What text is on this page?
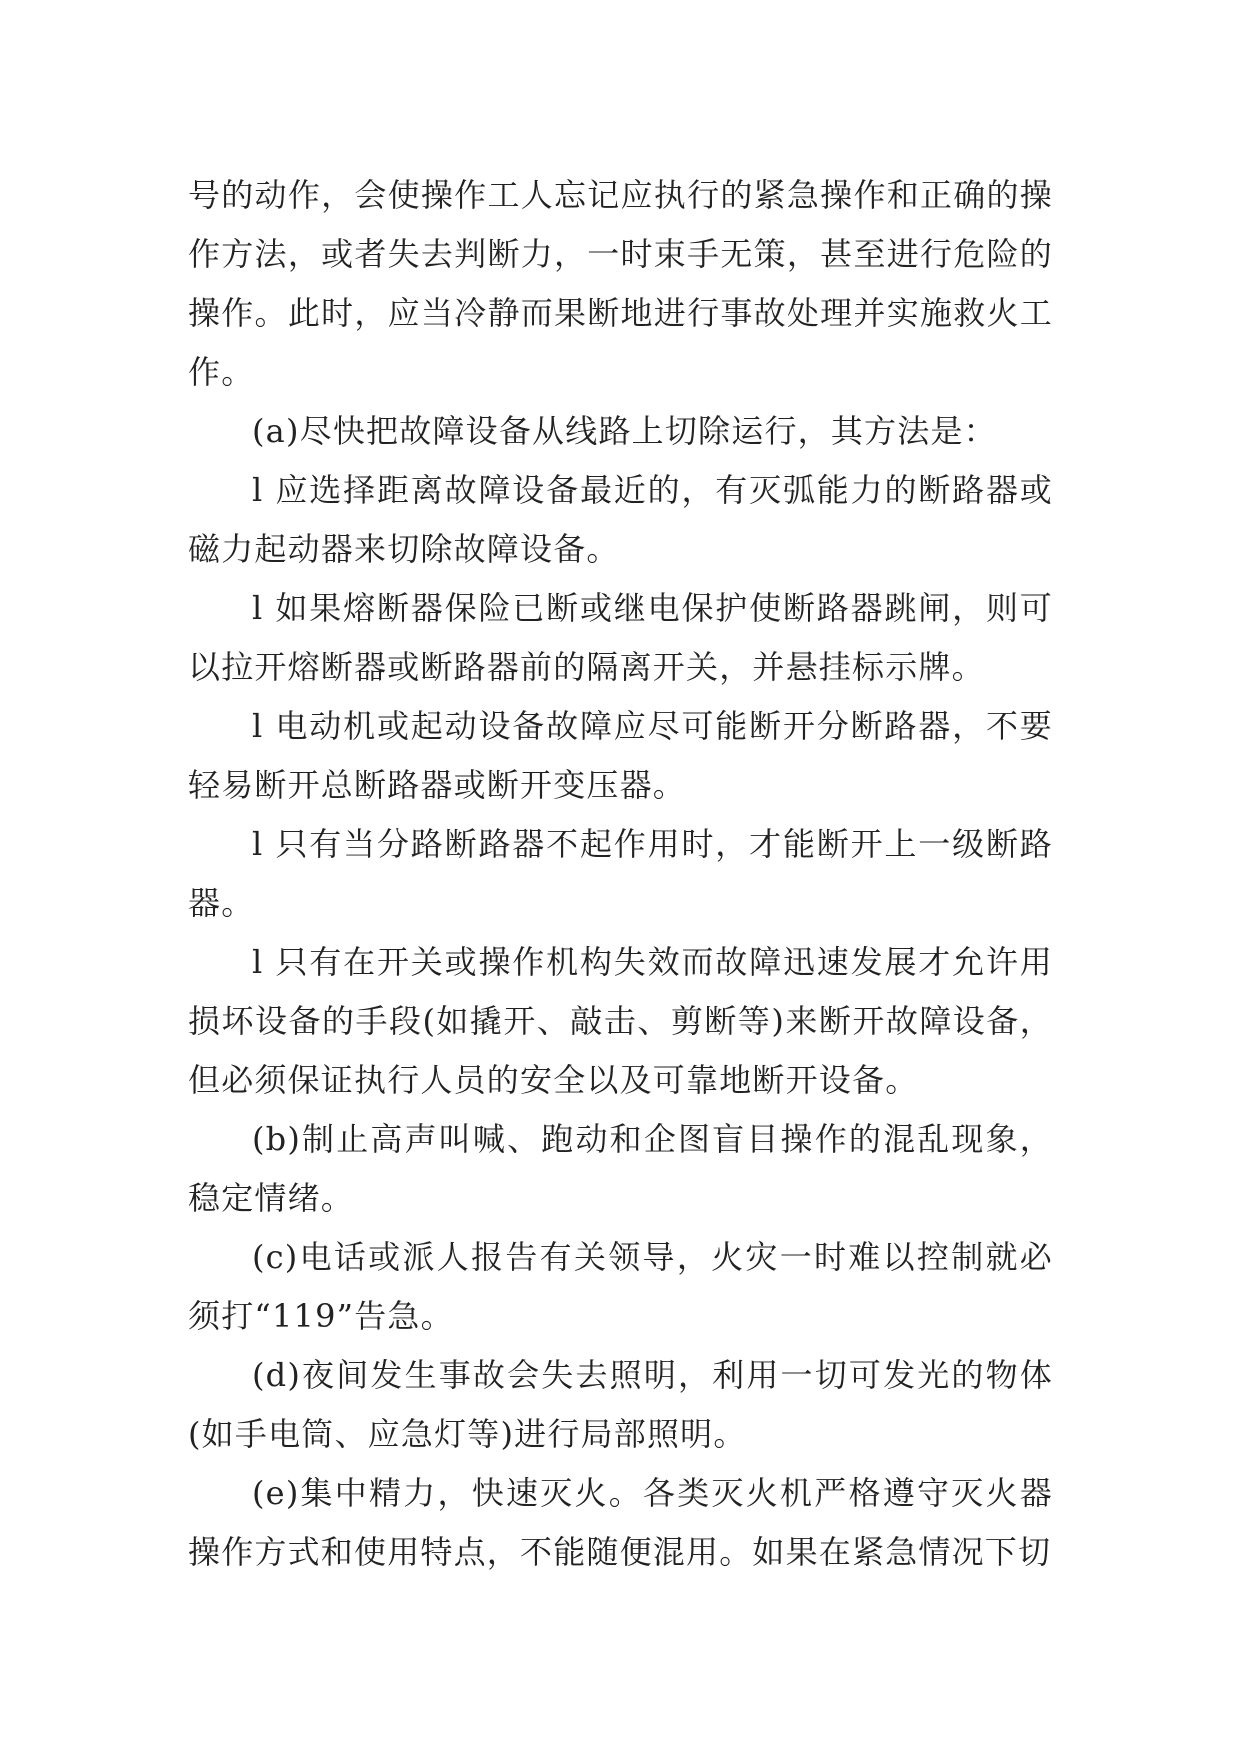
号的动作，会使操作工人忘记应执行的紧急操作和正确的操作方法，或者失去判断力，一时束手无策，甚至进行危险的操作。此时，应当冷静而果断地进行事故处理并实施救火工作。

(a)尽快把故障设备从线路上切除运行，其方法是：

l 应选择距离故障设备最近的，有灭弧能力的断路器或磁力起动器来切除故障设备。

l 如果熔断器保险已断或继电保护使断路器跳闸，则可以拉开熔断器或断路器前的隔离开关，并悬挂标示牌。

l 电动机或起动设备故障应尽可能断开分断路器，不要轻易断开总断路器或断开变压器。

l 只有当分路断路器不起作用时，才能断开上一级断路器。

l 只有在开关或操作机构失效而故障迅速发展才允许用损坏设备的手段(如撬开、敲击、剪断等)来断开故障设备，但必须保证执行人员的安全以及可靠地断开设备。

(b)制止高声叫喊、跑动和企图盲目操作的混乱现象，稳定情绪。

(c)电话或派人报告有关领导，火灾一时难以控制就必须打“119”告急。

(d)夜间发生事故会失去照明，利用一切可发光的物体(如手电筒、应急灯等)进行局部照明。

(e)集中精力，快速灭火。各类灭火机严格遵守灭火器操作方式和使用特点，不能随便混用。如果在紧急情况下切
